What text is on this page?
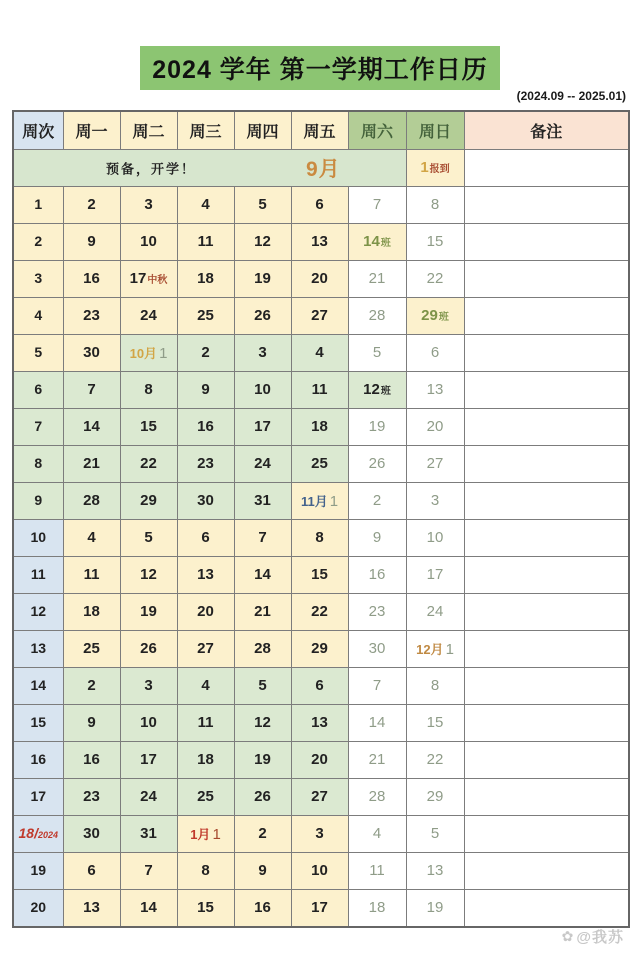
2024 学年 第一学期工作日历
(2024.09 -- 2025.01)
周次	周一	周二	周三	周四	周五	周六	周日	备注

预备，开学！ 9月							1报到	
1	2	3	4	5	6	7	8	
2	9	10	11	12	13	14班	15	
3	16	17中秋	18	19	20	21	22	
4	23	24	25	26	27	28	29班	
5	30	10月 1	2	3	4	5	6	
6	7	8	9	10	11	12班	13	
7	14	15	16	17	18	19	20	
8	21	22	23	24	25	26	27	
9	28	29	30	31	11月 1	2	3	
10	4	5	6	7	8	9	10	
11	11	12	13	14	15	16	17	
12	18	19	20	21	22	23	24	
13	25	26	27	28	29	30	12月 1	
14	2	3	4	5	6	7	8	
15	9	10	11	12	13	14	15	
16	16	17	18	19	20	21	22	
17	23	24	25	26	27	28	29	
18/2024	30	31	1月 1	2	3	4	5	
19	6	7	8	9	10	11	13	
20	13	14	15	16	17	18	19	
✿ @我苏
